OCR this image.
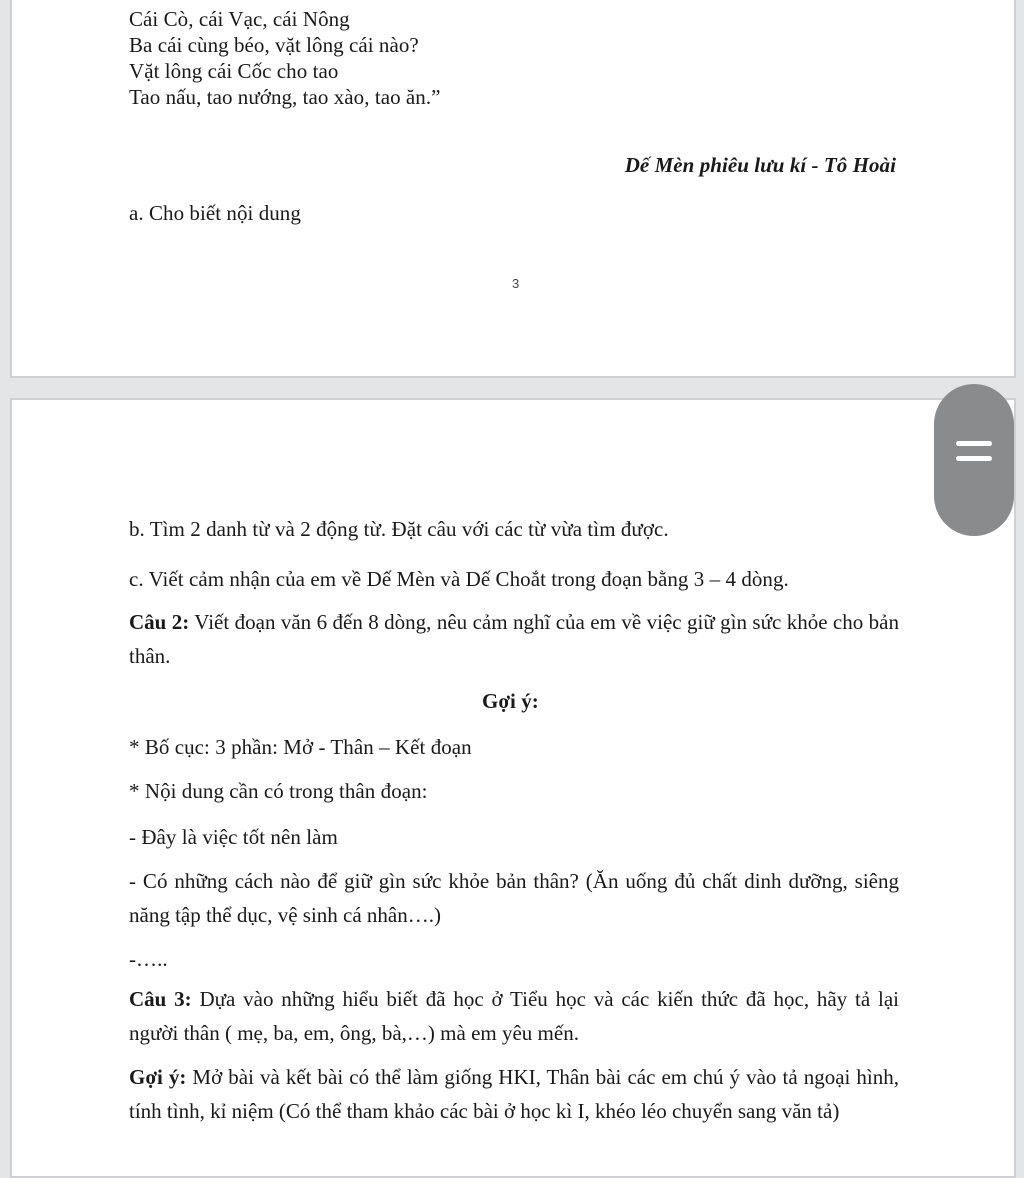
Cái Cò, cái Vạc, cái Nông
Ba cái cùng béo, vặt lông cái nào?
Vặt lông cái Cốc cho tao
Tao nấu, tao nướng, tao xào, tao ăn.”
Dế Mèn phiêu lưu kí - Tô Hoài
a. Cho biết nội dung
3
b. Tìm 2 danh từ và 2 động từ. Đặt câu với các từ vừa tìm được.
c. Viết cảm nhận của em về Dế Mèn và Dế Choắt trong đoạn bằng 3 – 4 dòng.
Câu 2: Viết đoạn văn 6 đến 8 dòng, nêu cảm nghĩ của em về việc giữ gìn sức khỏe cho bản thân.
Gợi ý:
* Bố cục: 3 phần: Mở - Thân – Kết đoạn
* Nội dung cần có trong thân đoạn:
- Đây là việc tốt nên làm
- Có những cách nào để giữ gìn sức khỏe bản thân? (Ăn uống đủ chất dinh dưỡng, siêng năng tập thể dục, vệ sinh cá nhân….)
-…..
Câu 3: Dựa vào những hiểu biết đã học ở Tiểu học và các kiến thức đã học, hãy tả lại người thân ( mẹ, ba, em, ông, bà,…) mà em yêu mến.
Gợi ý: Mở bài và kết bài có thể làm giống HKI, Thân bài các em chú ý vào tả ngoại hình, tính tình, kỉ niệm (Có thể tham khảo các bài ở học kì I, khéo léo chuyển sang văn tả)
